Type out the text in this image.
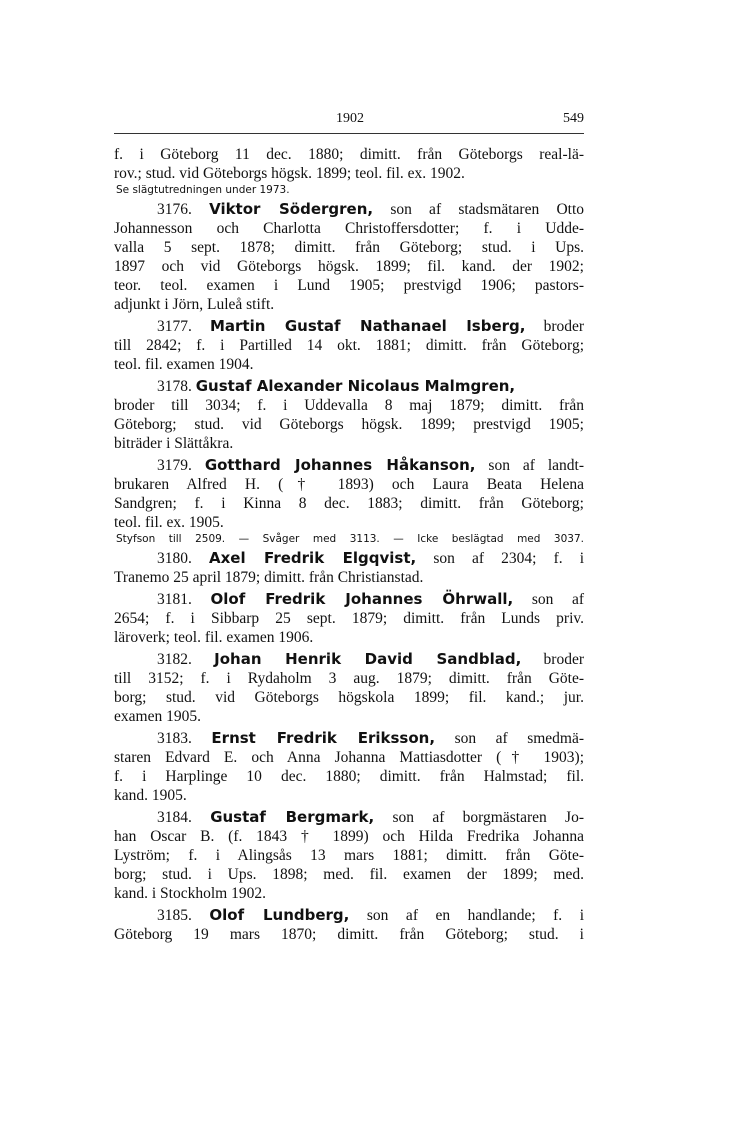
1902	549
f. i Göteborg 11 dec. 1880; dimitt. från Göteborgs real-lä-
rov.; stud. vid Göteborgs högsk. 1899; teol. fil. ex. 1902.
Se slägtutredningen under 1973.
3176. Viktor Södergren, son af stadsmätaren Otto
Johannesson och Charlotta Christoffersdotter; f. i Udde-
valla 5 sept. 1878; dimitt. från Göteborg; stud. i Ups.
1897 och vid Göteborgs högsk. 1899; fil. kand. der 1902;
teor. teol. examen i Lund 1905; prestvigd 1906; pastors-
adjunkt i Jörn, Luleå stift.
3177. Martin Gustaf Nathanael Isberg, broder
till 2842; f. i Partilled 14 okt. 1881; dimitt. från Göteborg;
teol. fil. examen 1904.
3178. Gustaf Alexander Nicolaus Malmgren,
broder till 3034; f. i Uddevalla 8 maj 1879; dimitt. från
Göteborg; stud. vid Göteborgs högsk. 1899; prestvigd 1905;
biträder i Slättåkra.
3179. Gotthard Johannes Håkanson, son af landt-
brukaren Alfred H. († 1893) och Laura Beata Helena
Sandgren; f. i Kinna 8 dec. 1883; dimitt. från Göteborg;
teol. fil. ex. 1905.
Styfson till 2509. — Svåger med 3113. — Icke beslägtad med 3037.
3180. Axel Fredrik Elgqvist, son af 2304; f. i
Tranemo 25 april 1879; dimitt. från Christianstad.
3181. Olof Fredrik Johannes Öhrwall, son af
2654; f. i Sibbarp 25 sept. 1879; dimitt. från Lunds priv.
läroverk; teol. fil. examen 1906.
3182. Johan Henrik David Sandblad, broder
till 3152; f. i Rydaholm 3 aug. 1879; dimitt. från Göte-
borg; stud. vid Göteborgs högskola 1899; fil. kand.; jur.
examen 1905.
3183. Ernst Fredrik Eriksson, son af smedmä-
staren Edvard E. och Anna Johanna Mattiasdotter († 1903);
f. i Harplinge 10 dec. 1880; dimitt. från Halmstad; fil.
kand. 1905.
3184. Gustaf Bergmark, son af borgmästaren Jo-
han Oscar B. (f. 1843 † 1899) och Hilda Fredrika Johanna
Lyström; f. i Alingsås 13 mars 1881; dimitt. från Göte-
borg; stud. i Ups. 1898; med. fil. examen der 1899; med.
kand. i Stockholm 1902.
3185. Olof Lundberg, son af en handlande; f. i
Göteborg 19 mars 1870; dimitt. från Göteborg; stud. i
